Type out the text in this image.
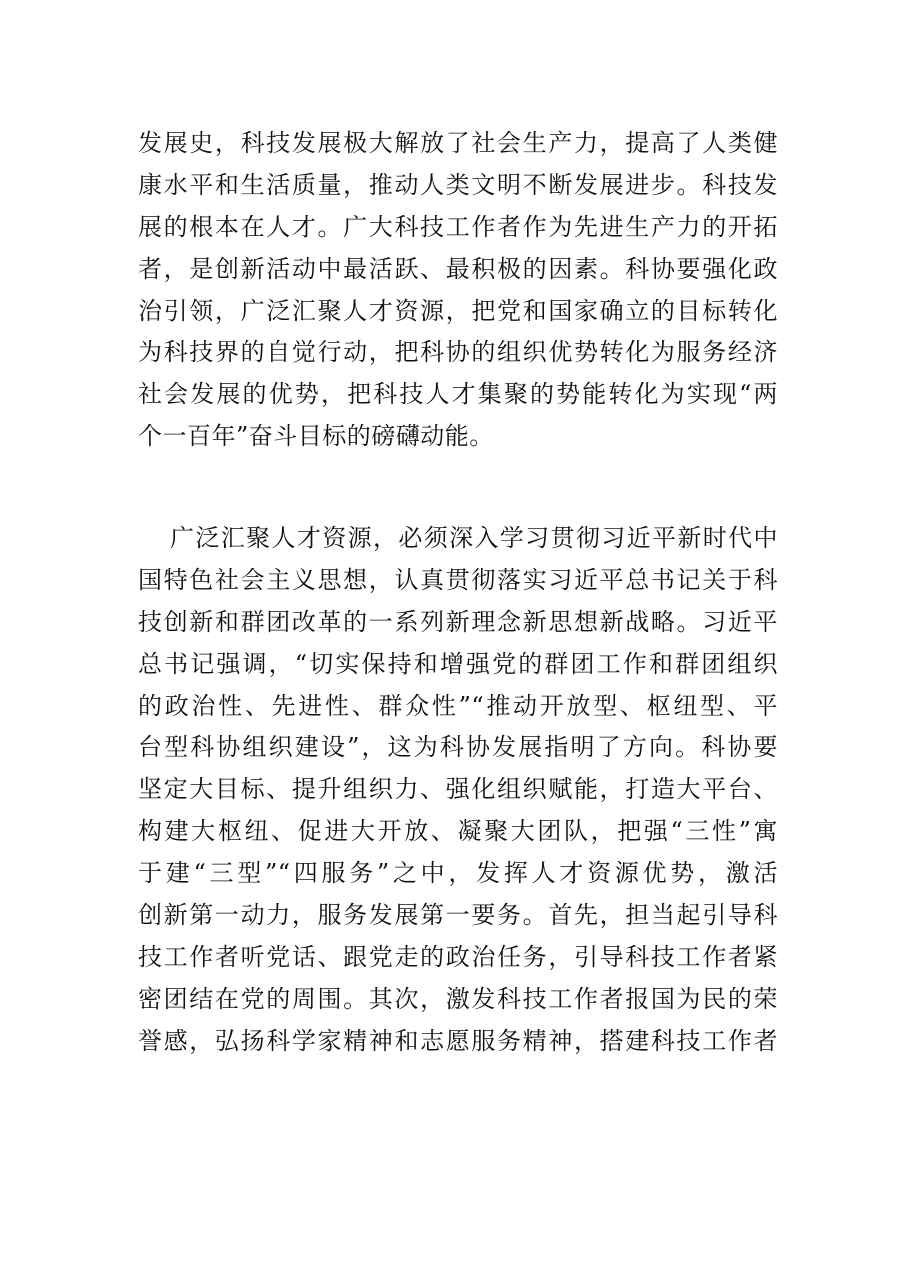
发展史，科技发展极大解放了社会生产力，提高了人类健
康水平和生活质量，推动人类文明不断发展进步。科技发
展的根本在人才。广大科技工作者作为先进生产力的开拓
者，是创新活动中最活跃、最积极的因素。科协要强化政
治引领，广泛汇聚人才资源，把党和国家确立的目标转化
为科技界的自觉行动，把科协的组织优势转化为服务经济
社会发展的优势，把科技人才集聚的势能转化为实现“两
个一百年”奋斗目标的磅礴动能。
广泛汇聚人才资源，必须深入学习贯彻习近平新时代中
国特色社会主义思想，认真贯彻落实习近平总书记关于科
技创新和群团改革的一系列新理念新思想新战略。习近平
总书记强调，“切实保持和增强党的群团工作和群团组织
的政治性、先进性、群众性”“推动开放型、枢纽型、平
台型科协组织建设”，这为科协发展指明了方向。科协要
坚定大目标、提升组织力、强化组织赋能，打造大平台、
构建大枢纽、促进大开放、凝聚大团队，把强“三性”寓
于建“三型”“四服务”之中，发挥人才资源优势，激活
创新第一动力，服务发展第一要务。首先，担当起引导科
技工作者听党话、跟党走的政治任务，引导科技工作者紧
密团结在党的周围。其次，激发科技工作者报国为民的荣
誉感，弘扬科学家精神和志愿服务精神，搭建科技工作者
